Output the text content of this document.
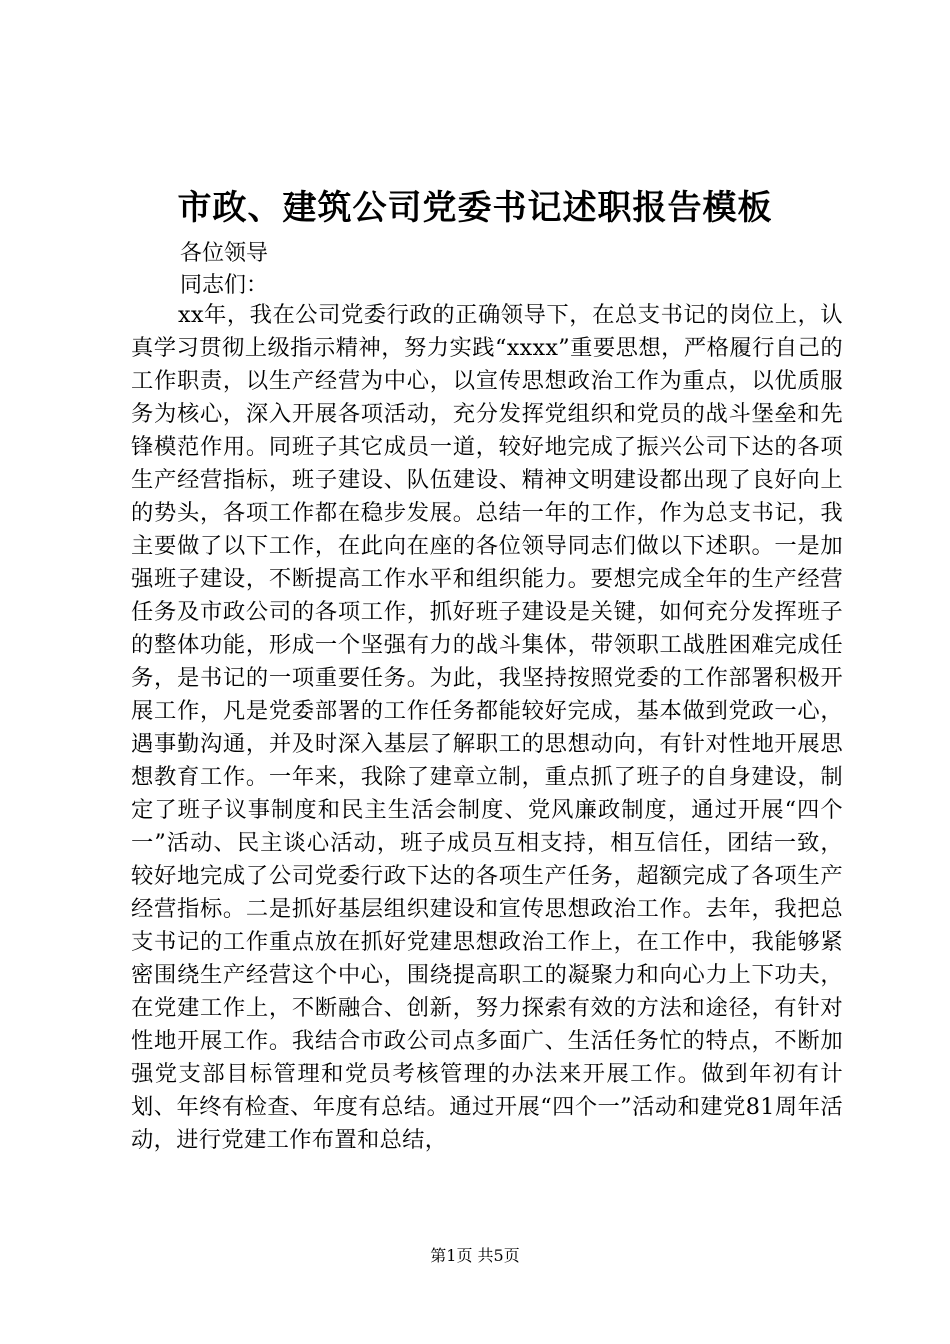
市政、建筑公司党委书记述职报告模板

各位领导

同志们：

xx年，我在公司党委行政的正确领导下，在总支书记的岗位上，认真学习贯彻上级指示精神，努力实践“xxxx”重要思想，严格履行自己的工作职责，以生产经营为中心，以宣传思想政治工作为重点，以优质服务为核心，深入开展各项活动，充分发挥党组织和党员的战斗堡垒和先锋模范作用。同班子其它成员一道，较好地完成了振兴公司下达的各项生产经营指标，班子建设、队伍建设、精神文明建设都出现了良好向上的势头，各项工作都在稳步发展。总结一年的工作，作为总支书记，我主要做了以下工作，在此向在座的各位领导同志们做以下述职。一是加强班子建设，不断提高工作水平和组织能力。要想完成全年的生产经营任务及市政公司的各项工作，抓好班子建设是关键，如何充分发挥班子的整体功能，形成一个坚强有力的战斗集体，带领职工战胜困难完成任务，是书记的一项重要任务。为此，我坚持按照党委的工作部署积极开展工作，凡是党委部署的工作任务都能较好完成，基本做到党政一心，遇事勤沟通，并及时深入基层了解职工的思想动向，有针对性地开展思想教育工作。一年来，我除了建章立制，重点抓了班子的自身建设，制定了班子议事制度和民主生活会制度、党风廉政制度，通过开展“四个一”活动、民主谈心活动，班子成员互相支持，相互信任，团结一致，较好地完成了公司党委行政下达的各项生产任务，超额完成了各项生产经营指标。二是抓好基层组织建设和宣传思想政治工作。去年，我把总支书记的工作重点放在抓好党建思想政治工作上，在工作中，我能够紧密围绕生产经营这个中心，围绕提高职工的凝聚力和向心力上下功夫，在党建工作上，不断融合、创新，努力探索有效的方法和途径，有针对性地开展工作。我结合市政公司点多面广、生活任务忙的特点，不断加强党支部目标管理和党员考核管理的办法来开展工作。做到年初有计划、年终有检查、年度有总结。通过开展“四个一”活动和建党81周年活动，进行党建工作布置和总结，

第1页 共5页
